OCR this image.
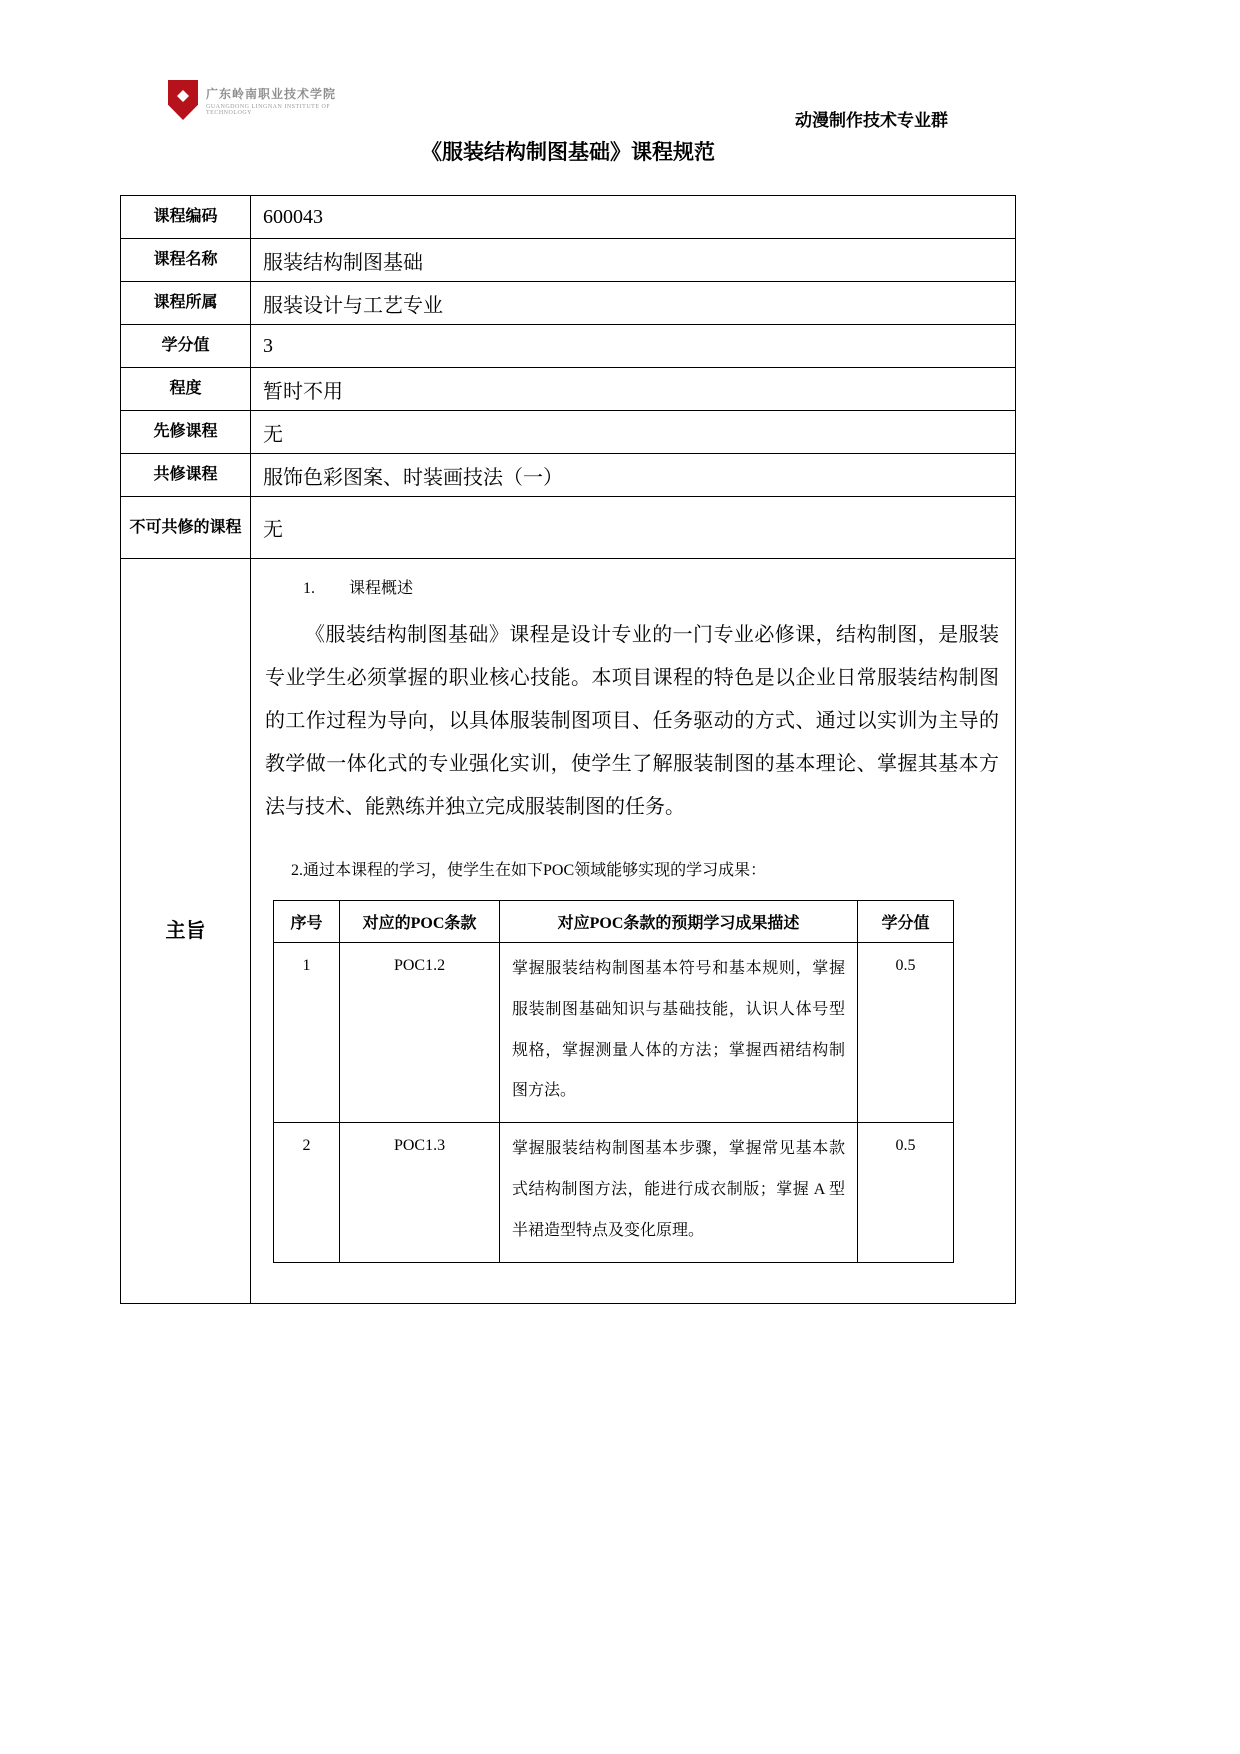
广东岭南职业技术学院
GUANGDONG LINGNAN INSTITUTE OF TECHNOLOGY	动漫制作技术专业群
《服装结构制图基础》课程规范
课程编码	600043
课程名称	服装结构制图基础
课程所属	服装设计与工艺专业
学分值	3
程度	暂时不用
先修课程	无
共修课程	服饰色彩图案、时装画技法（一）
不可共修的课程	无
主旨	

1. 课程概述

《服装结构制图基础》课程是设计专业的一门专业必修课，结构制图，是服装专业学生必须掌握的职业核心技能。本项目课程的特色是以企业日常服装结构制图的工作过程为导向，以具体服装制图项目、任务驱动的方式、通过以实训为主导的教学做一体化式的专业强化实训，使学生了解服装制图的基本理论、掌握其基本方法与技术、能熟练并独立完成服装制图的任务。

2.通过本课程的学习，使学生在如下POC领域能够实现的学习成果：

序号	对应的POC条款	对应POC条款的预期学习成果描述	学分值
1	POC1.2	掌握服装结构制图基本符号和基本规则，掌握服装制图基础知识与基础技能，认识人体号型规格，掌握测量人体的方法；掌握西裙结构制图方法。	0.5
2	POC1.3	掌握服装结构制图基本步骤，掌握常见基本款式结构制图方法，能进行成衣制版；掌握 A 型半裙造型特点及变化原理。	0.5
